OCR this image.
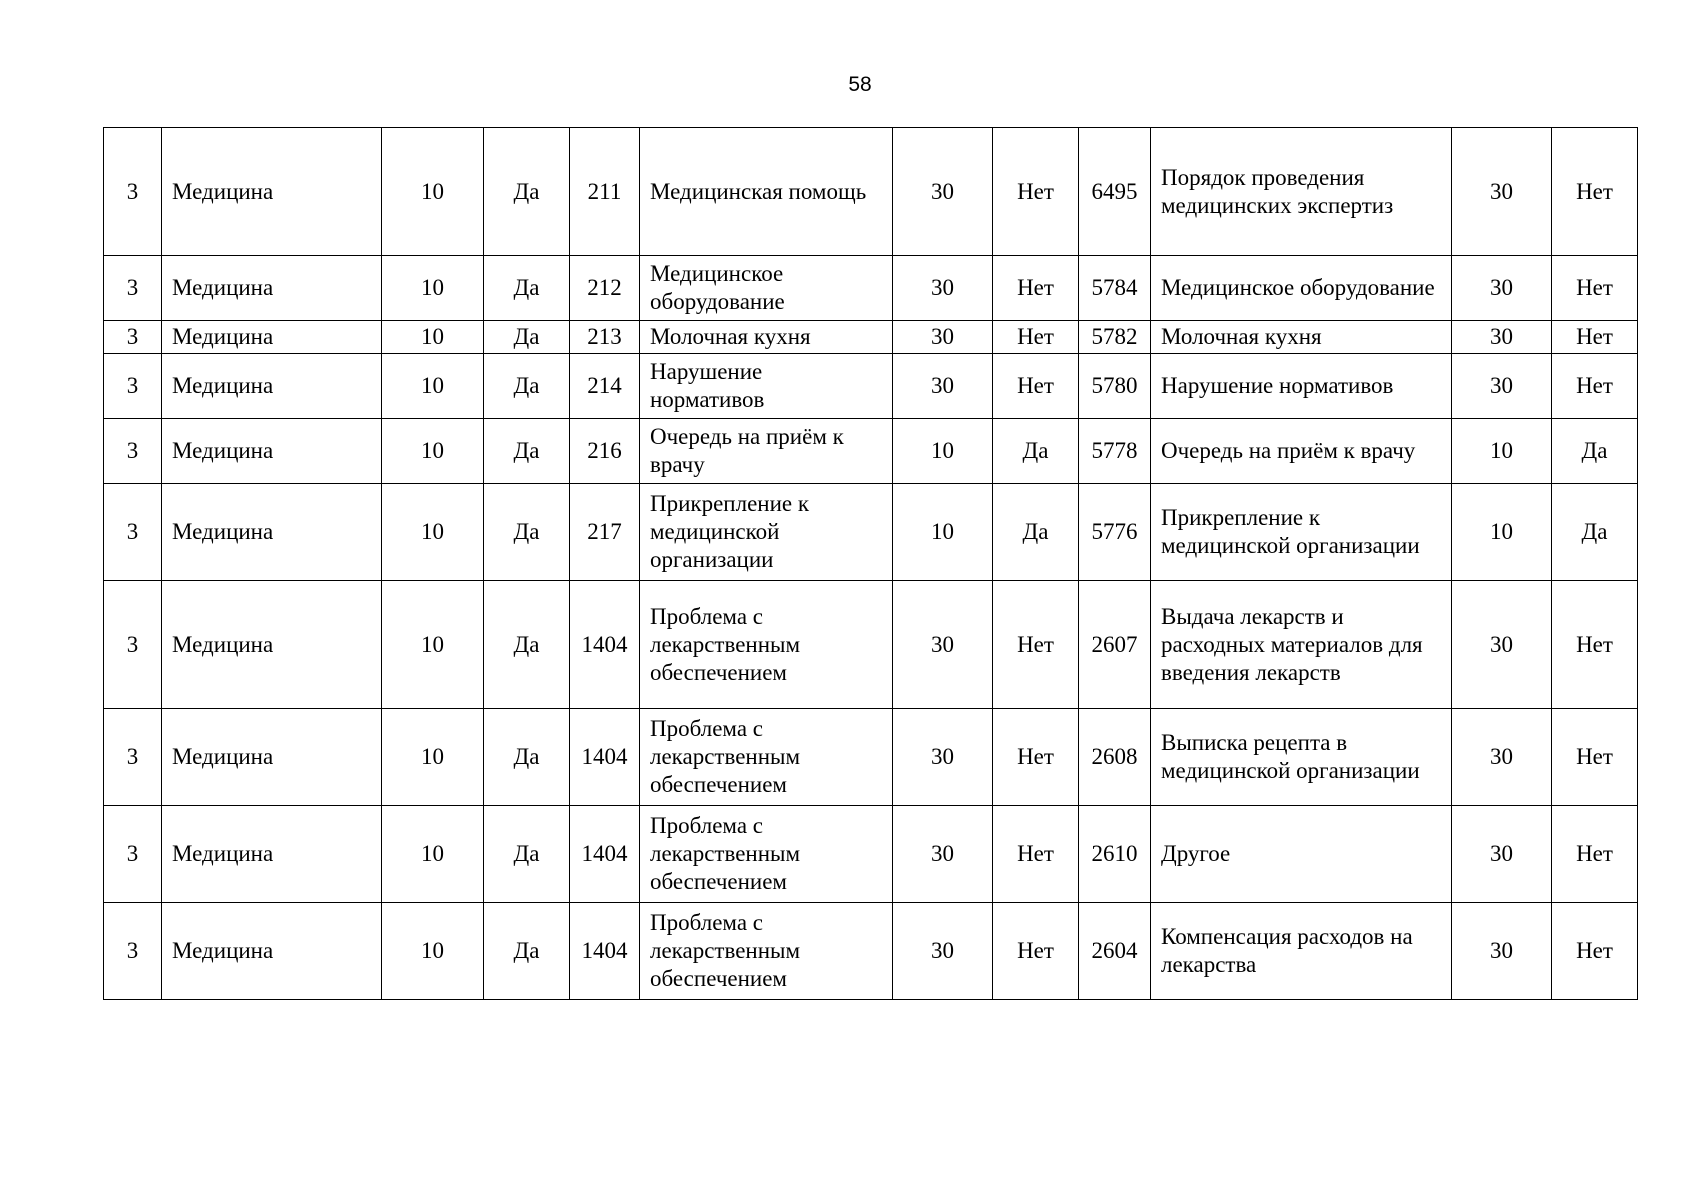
58
3	Медицина	10	Да	211	Медицинская помощь	30	Нет	6495	Порядок проведения медицинских экспертиз	30	Нет
3	Медицина	10	Да	212	Медицинское оборудование	30	Нет	5784	Медицинское оборудование	30	Нет
3	Медицина	10	Да	213	Молочная кухня	30	Нет	5782	Молочная кухня	30	Нет
3	Медицина	10	Да	214	Нарушение нормативов	30	Нет	5780	Нарушение нормативов	30	Нет
3	Медицина	10	Да	216	Очередь на приём к врачу	10	Да	5778	Очередь на приём к врачу	10	Да
3	Медицина	10	Да	217	Прикрепление к медицинской организации	10	Да	5776	Прикрепление к медицинской организации	10	Да
3	Медицина	10	Да	1404	Проблема с лекарственным обеспечением	30	Нет	2607	Выдача лекарств и расходных материалов для введения лекарств	30	Нет
3	Медицина	10	Да	1404	Проблема с лекарственным обеспечением	30	Нет	2608	Выписка рецепта в медицинской организации	30	Нет
3	Медицина	10	Да	1404	Проблема с лекарственным обеспечением	30	Нет	2610	Другое	30	Нет
3	Медицина	10	Да	1404	Проблема с лекарственным обеспечением	30	Нет	2604	Компенсация расходов на лекарства	30	Нет
